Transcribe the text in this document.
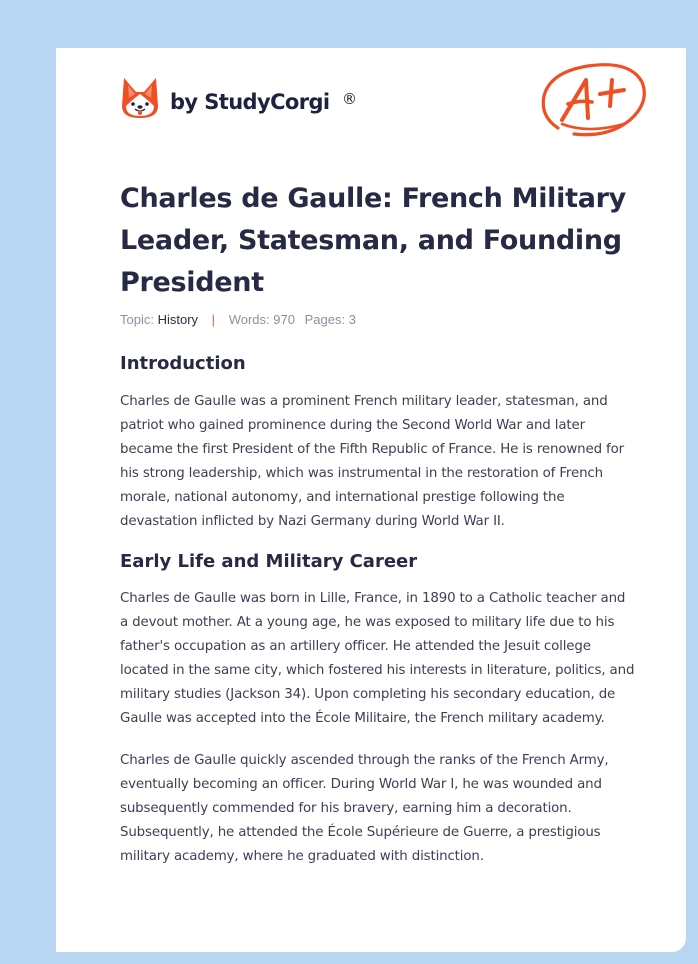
by StudyCorgi ®
Charles de Gaulle: French Military Leader, Statesman, and Founding President
Topic: History | Words: 970 Pages: 3
Introduction

Charles de Gaulle was a prominent French military leader, statesman, and patriot who gained prominence during the Second World War and later became the first President of the Fifth Republic of France. He is renowned for his strong leadership, which was instrumental in the restoration of French morale, national autonomy, and international prestige following the devastation inflicted by Nazi Germany during World War II.

Early Life and Military Career

Charles de Gaulle was born in Lille, France, in 1890 to a Catholic teacher and a devout mother. At a young age, he was exposed to military life due to his father's occupation as an artillery officer. He attended the Jesuit college located in the same city, which fostered his interests in literature, politics, and military studies (Jackson 34). Upon completing his secondary education, de Gaulle was accepted into the École Militaire, the French military academy.

Charles de Gaulle quickly ascended through the ranks of the French Army, eventually becoming an officer. During World War I, he was wounded and subsequently commended for his bravery, earning him a decoration. Subsequently, he attended the École Supérieure de Guerre, a prestigious military academy, where he graduated with distinction.
